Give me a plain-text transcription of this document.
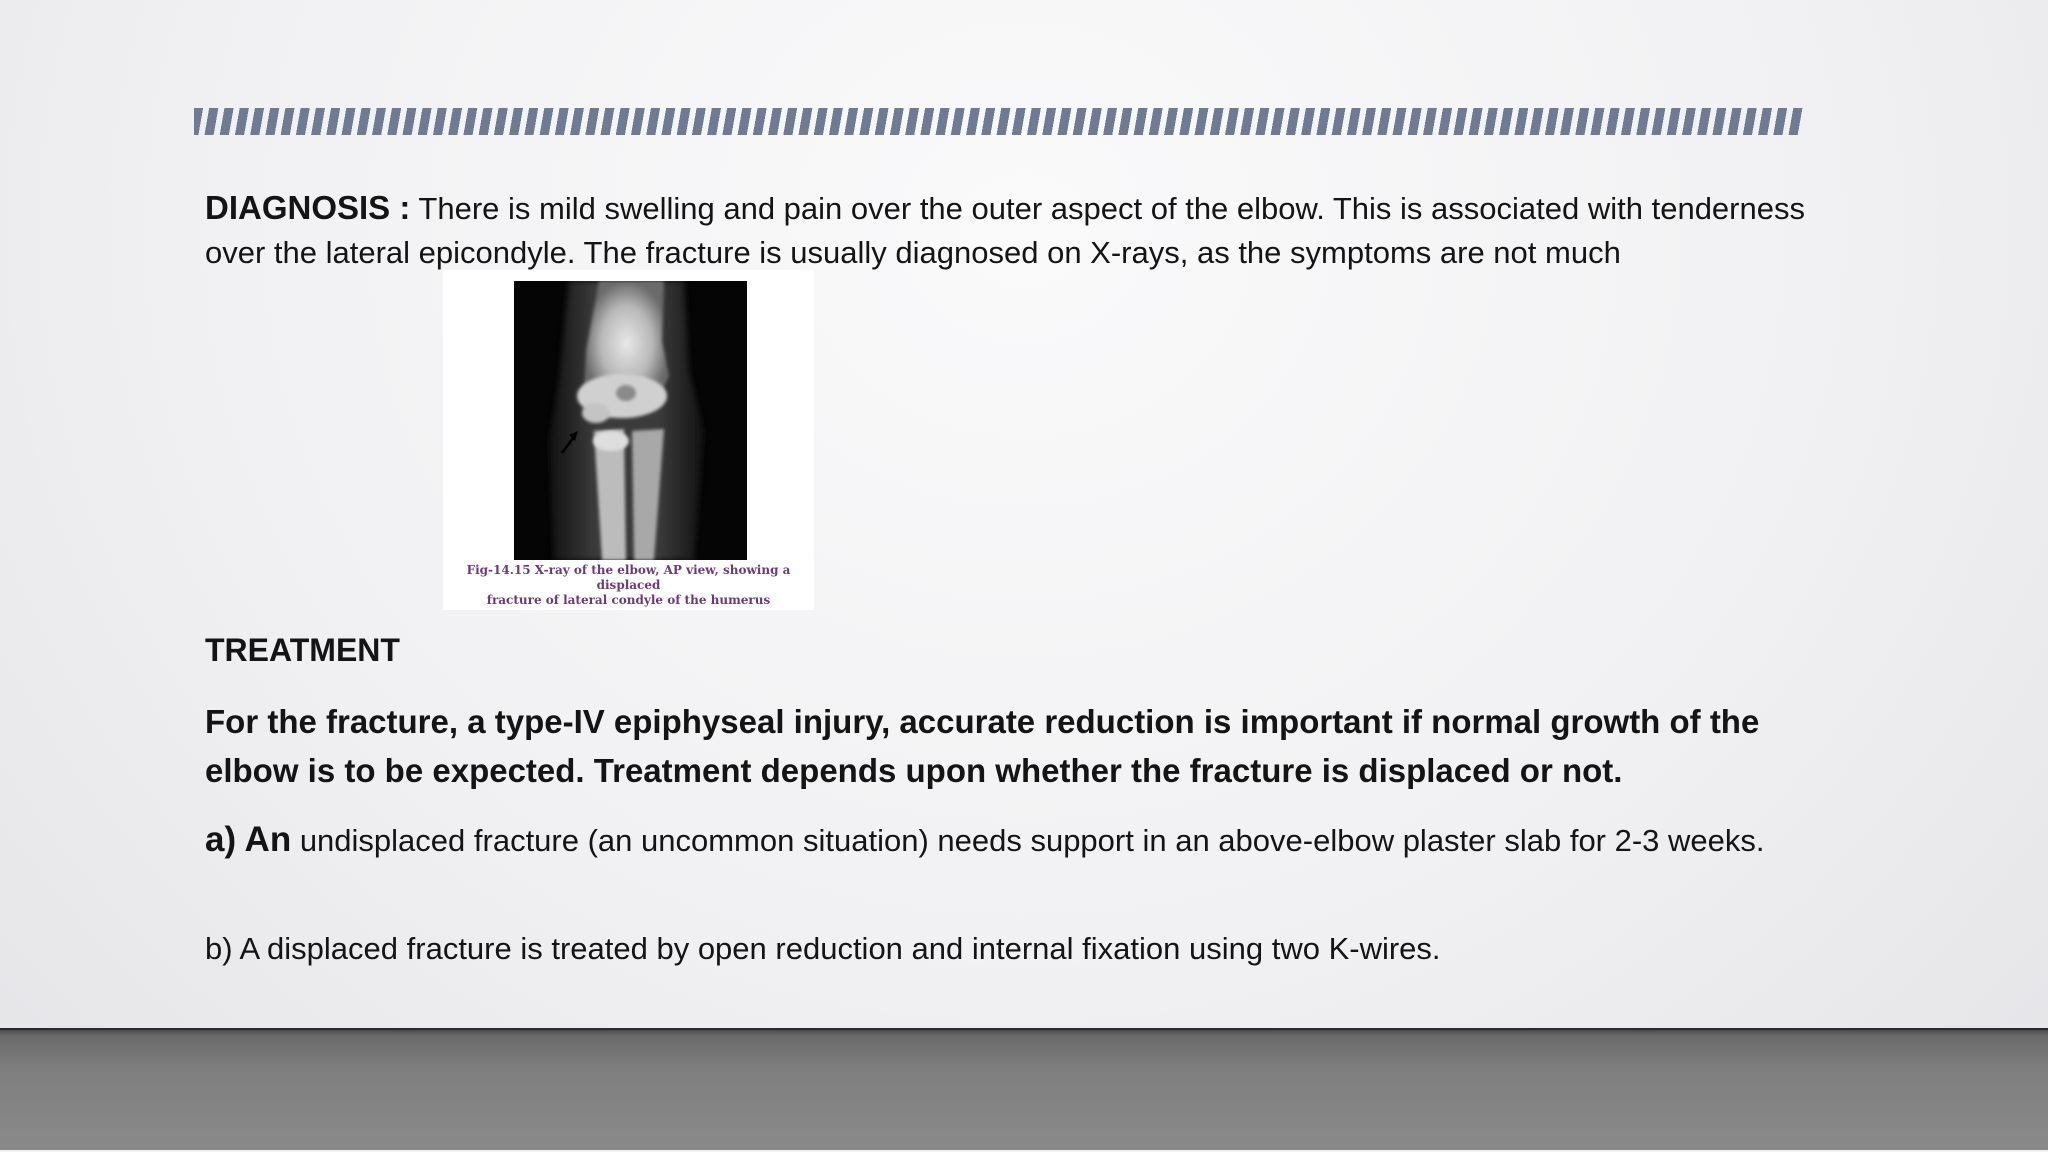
DIAGNOSIS : There is mild swelling and pain over the outer aspect of the elbow. This is associated with tenderness over the lateral epicondyle. The fracture is usually diagnosed on X-rays, as the symptoms are not much
Fig-14.15 X-ray of the elbow, AP view, showing a displaced
fracture of lateral condyle of the humerus
TREATMENT
For the fracture, a type-IV epiphyseal injury, accurate reduction is important if normal growth of the elbow is to be expected. Treatment depends upon whether the fracture is displaced or not.
a) An undisplaced fracture (an uncommon situation) needs support in an above-elbow plaster slab for 2-3 weeks.
b) A displaced fracture is treated by open reduction and internal fixation using two K-wires.
